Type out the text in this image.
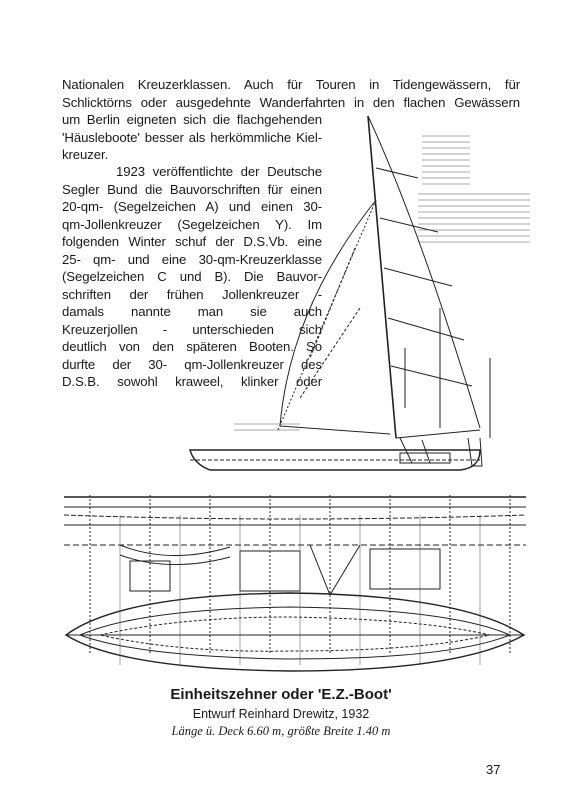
Nationalen Kreuzerklassen. Auch für Touren in Tidengewässern, für
Schlicktörns oder ausgedehnte Wanderfahrten in den flachen Gewässern
um Berlin eigneten sich die flachgehenden
'Häusleboote' besser als herkömmliche Kiel-
kreuzer.
1923 veröffentlichte der Deutsche
Segler Bund die Bauvorschriften für einen
20-qm- (Segelzeichen A) und einen 30-
qm-Jollenkreuzer (Segelzeichen Y). Im
folgenden Winter schuf der D.S.Vb. eine
25- qm- und eine 30-qm-Kreuzerklasse
(Segelzeichen C und B). Die Bauvor-
schriften der frühen Jollenkreuzer -
damals nannte man sie auch
Kreuzerjollen - unterschieden sich
deutlich von den späteren Booten. So
durfte der 30- qm-Jollenkreuzer des
D.S.B. sowohl kraweel, klinker oder
Einheitszehner oder 'E.Z.-Boot'
Entwurf Reinhard Drewitz, 1932
Länge ü. Deck 6.60 m, größte Breite 1.40 m
37
